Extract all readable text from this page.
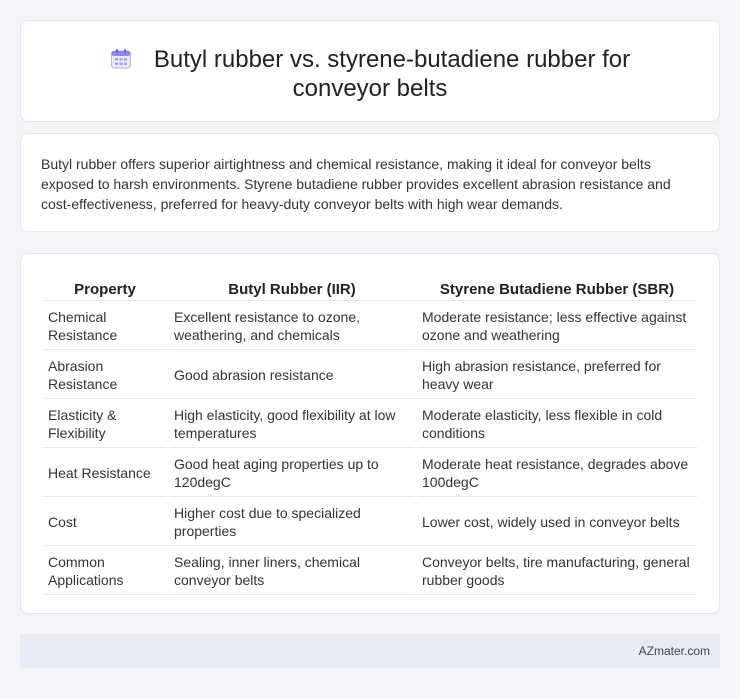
Butyl rubber vs. styrene-butadiene rubber for conveyor belts

Butyl rubber offers superior airtightness and chemical resistance, making it ideal for conveyor belts exposed to harsh environments. Styrene butadiene rubber provides excellent abrasion resistance and cost-effectiveness, preferred for heavy-duty conveyor belts with high wear demands.

Property	Butyl Rubber (IIR)	Styrene Butadiene Rubber (SBR)
Chemical Resistance	Excellent resistance to ozone, weathering, and chemicals	Moderate resistance; less effective against ozone and weathering
Abrasion Resistance	Good abrasion resistance	High abrasion resistance, preferred for heavy wear
Elasticity & Flexibility	High elasticity, good flexibility at low temperatures	Moderate elasticity, less flexible in cold conditions
Heat Resistance	Good heat aging properties up to 120degC	Moderate heat resistance, degrades above 100degC
Cost	Higher cost due to specialized properties	Lower cost, widely used in conveyor belts
Common Applications	Sealing, inner liners, chemical conveyor belts	Conveyor belts, tire manufacturing, general rubber goods
AZmater.com
